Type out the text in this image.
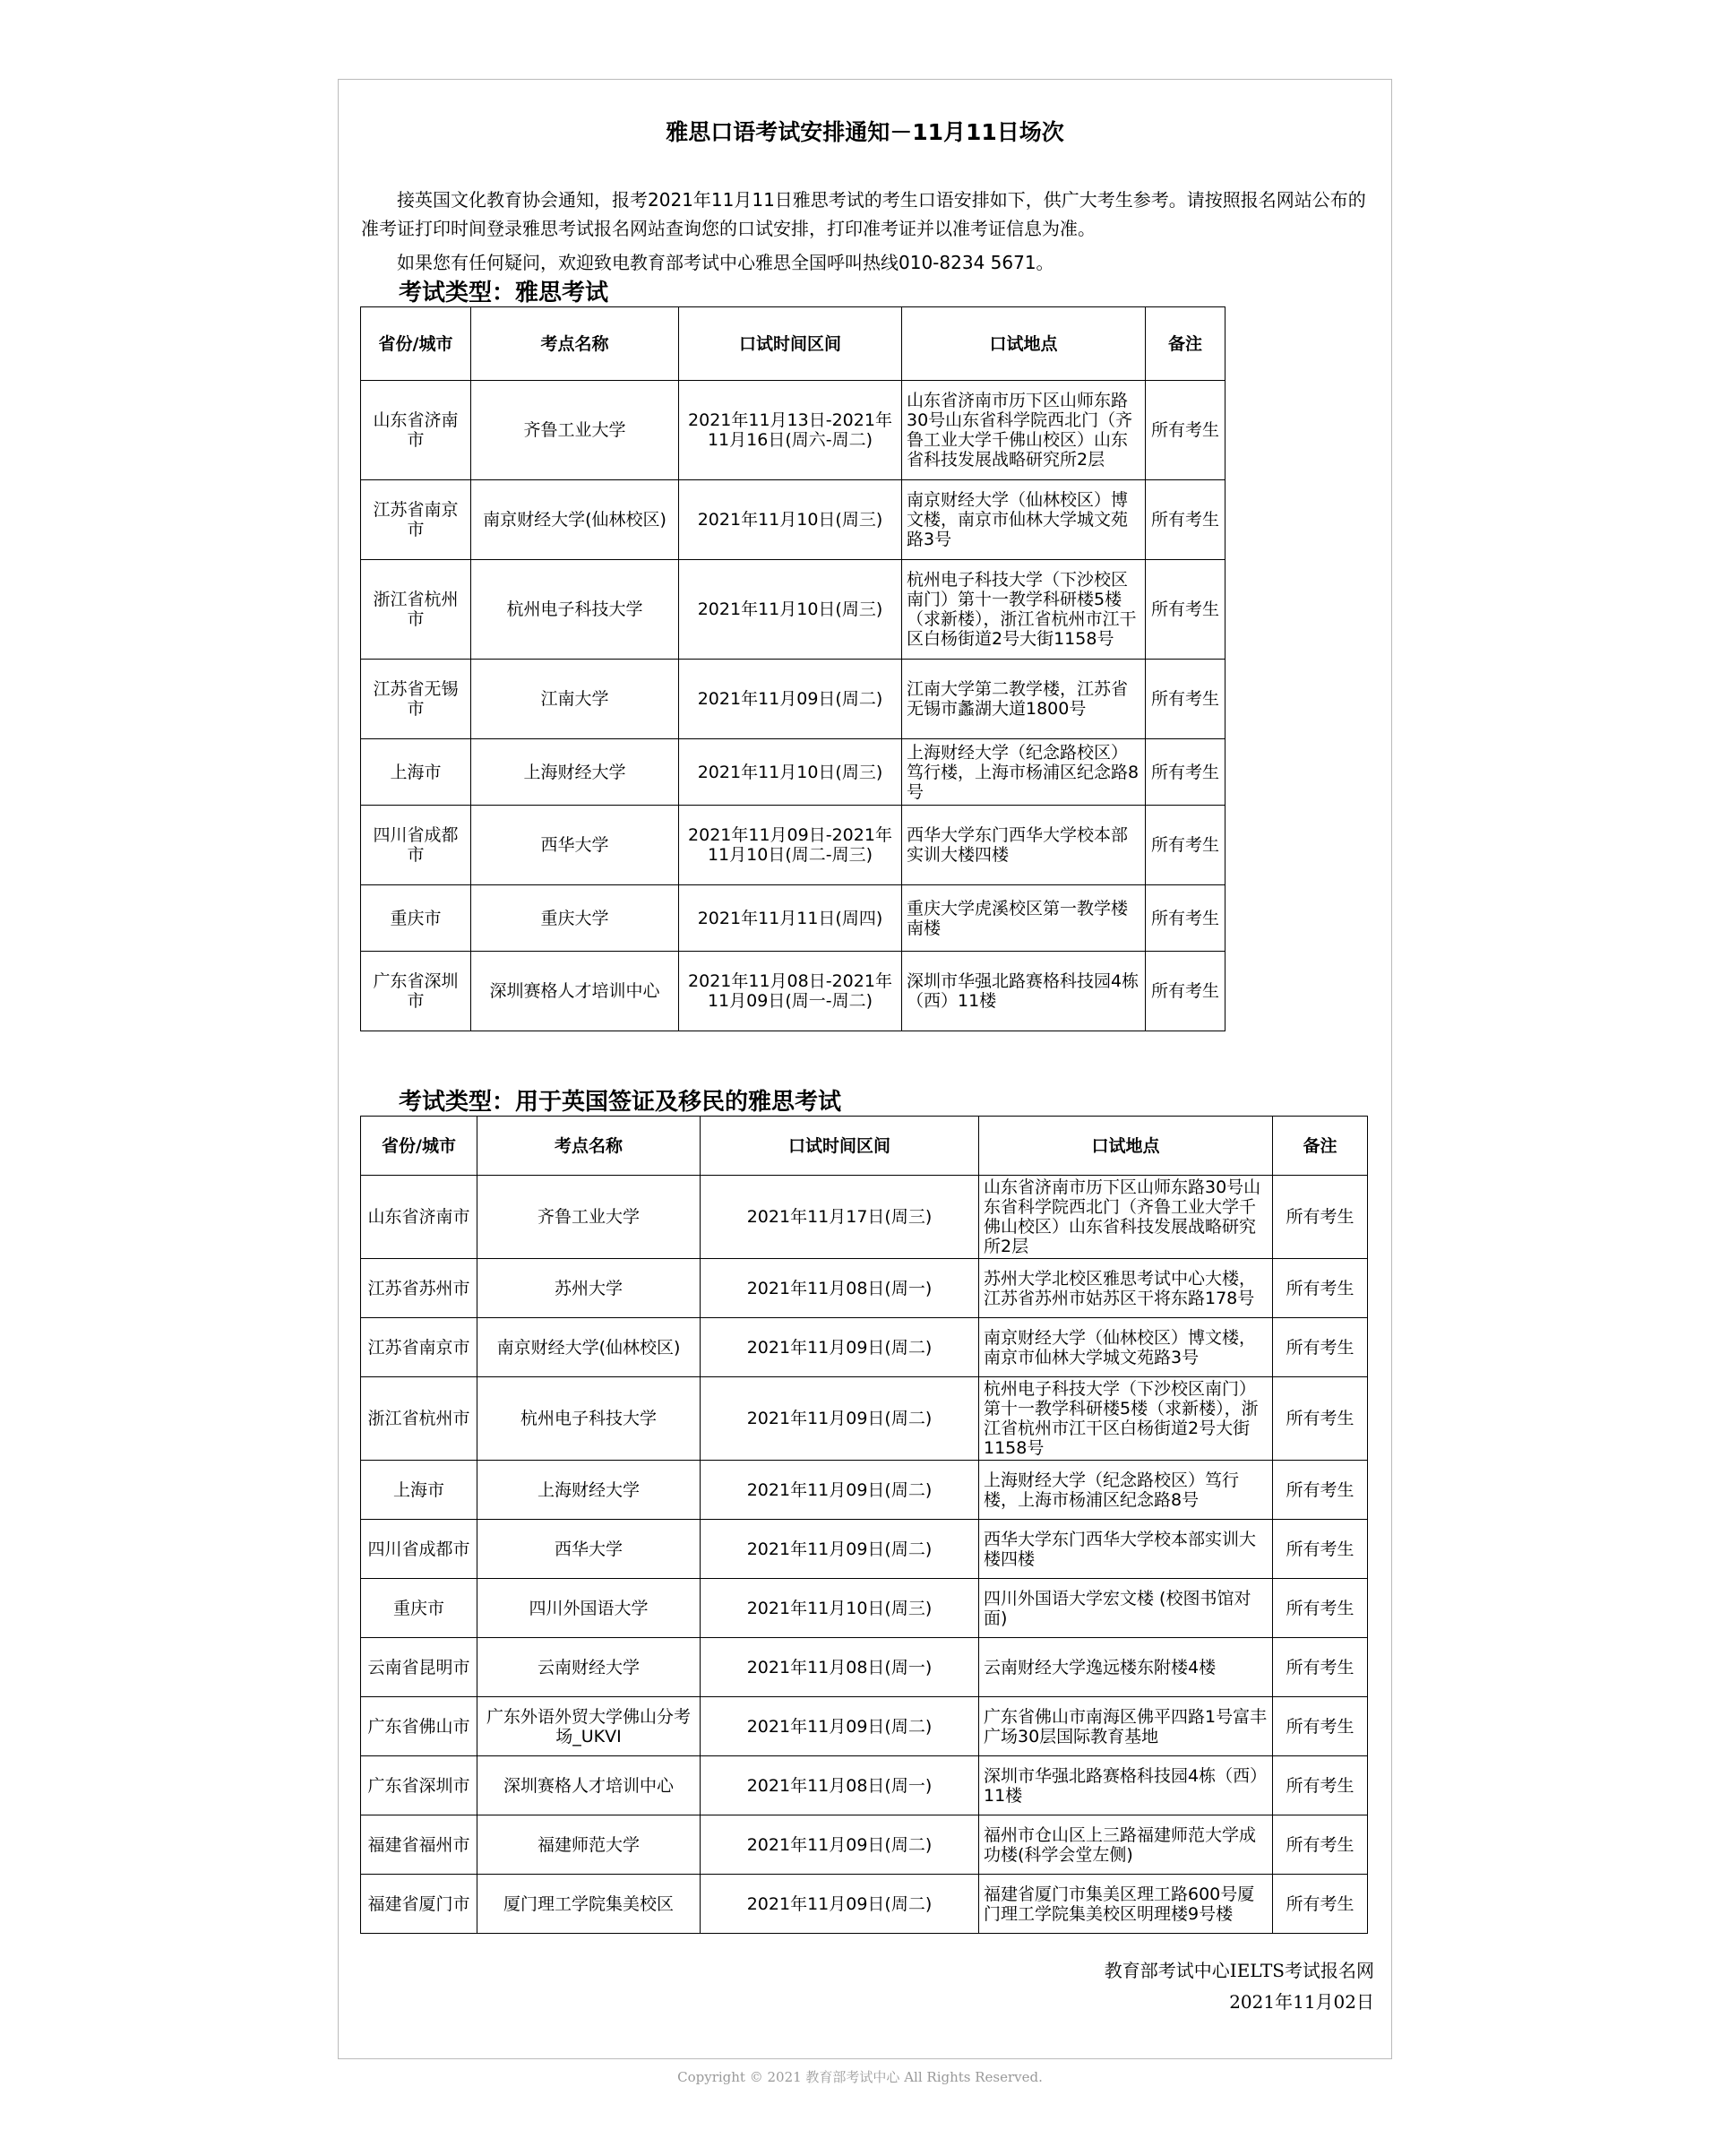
雅思口语考试安排通知－11月11日场次

接英国文化教育协会通知，报考2021年11月11日雅思考试的考生口语安排如下，供广大考生参考。请按照报名网站公布的准考证打印时间登录雅思考试报名网站查询您的口试安排，打印准考证并以准考证信息为准。

如果您有任何疑问，欢迎致电教育部考试中心雅思全国呼叫热线010-8234 5671。

考试类型：雅思考试
省份/城市	考点名称	口试时间区间	口试地点	备注
山东省济南市	齐鲁工业大学	2021年11月13日-2021年11月16日(周六-周二)	山东省济南市历下区山师东路30号山东省科学院西北门（齐鲁工业大学千佛山校区）山东省科技发展战略研究所2层	所有考生
江苏省南京市	南京财经大学(仙林校区)	2021年11月10日(周三)	南京财经大学（仙林校区）博文楼，南京市仙林大学城文苑路3号	所有考生
浙江省杭州市	杭州电子科技大学	2021年11月10日(周三)	杭州电子科技大学（下沙校区南门）第十一教学科研楼5楼（求新楼），浙江省杭州市江干区白杨街道2号大街1158号	所有考生
江苏省无锡市	江南大学	2021年11月09日(周二)	江南大学第二教学楼，江苏省无锡市蠡湖大道1800号	所有考生
上海市	上海财经大学	2021年11月10日(周三)	上海财经大学（纪念路校区）笃行楼，上海市杨浦区纪念路8号	所有考生
四川省成都市	西华大学	2021年11月09日-2021年11月10日(周二-周三)	西华大学东门西华大学校本部实训大楼四楼	所有考生
重庆市	重庆大学	2021年11月11日(周四)	重庆大学虎溪校区第一教学楼南楼	所有考生
广东省深圳市	深圳赛格人才培训中心	2021年11月08日-2021年11月09日(周一-周二)	深圳市华强北路赛格科技园4栋（西）11楼	所有考生
考试类型：用于英国签证及移民的雅思考试
省份/城市	考点名称	口试时间区间	口试地点	备注
山东省济南市	齐鲁工业大学	2021年11月17日(周三)	山东省济南市历下区山师东路30号山东省科学院西北门（齐鲁工业大学千佛山校区）山东省科技发展战略研究所2层	所有考生
江苏省苏州市	苏州大学	2021年11月08日(周一)	苏州大学北校区雅思考试中心大楼，江苏省苏州市姑苏区干将东路178号	所有考生
江苏省南京市	南京财经大学(仙林校区)	2021年11月09日(周二)	南京财经大学（仙林校区）博文楼，南京市仙林大学城文苑路3号	所有考生
浙江省杭州市	杭州电子科技大学	2021年11月09日(周二)	杭州电子科技大学（下沙校区南门）第十一教学科研楼5楼（求新楼），浙江省杭州市江干区白杨街道2号大街1158号	所有考生
上海市	上海财经大学	2021年11月09日(周二)	上海财经大学（纪念路校区）笃行楼，上海市杨浦区纪念路8号	所有考生
四川省成都市	西华大学	2021年11月09日(周二)	西华大学东门西华大学校本部实训大楼四楼	所有考生
重庆市	四川外国语大学	2021年11月10日(周三)	四川外国语大学宏文楼 (校图书馆对面)	所有考生
云南省昆明市	云南财经大学	2021年11月08日(周一)	云南财经大学逸远楼东附楼4楼	所有考生
广东省佛山市	广东外语外贸大学佛山分考场_UKVI	2021年11月09日(周二)	广东省佛山市南海区佛平四路1号富丰广场30层国际教育基地	所有考生
广东省深圳市	深圳赛格人才培训中心	2021年11月08日(周一)	深圳市华强北路赛格科技园4栋（西）11楼	所有考生
福建省福州市	福建师范大学	2021年11月09日(周二)	福州市仓山区上三路福建师范大学成功楼(科学会堂左侧)	所有考生
福建省厦门市	厦门理工学院集美校区	2021年11月09日(周二)	福建省厦门市集美区理工路600号厦门理工学院集美校区明理楼9号楼	所有考生
教育部考试中心IELTS考试报名网
2021年11月02日
Copyright © 2021 教育部考试中心 All Rights Reserved.
